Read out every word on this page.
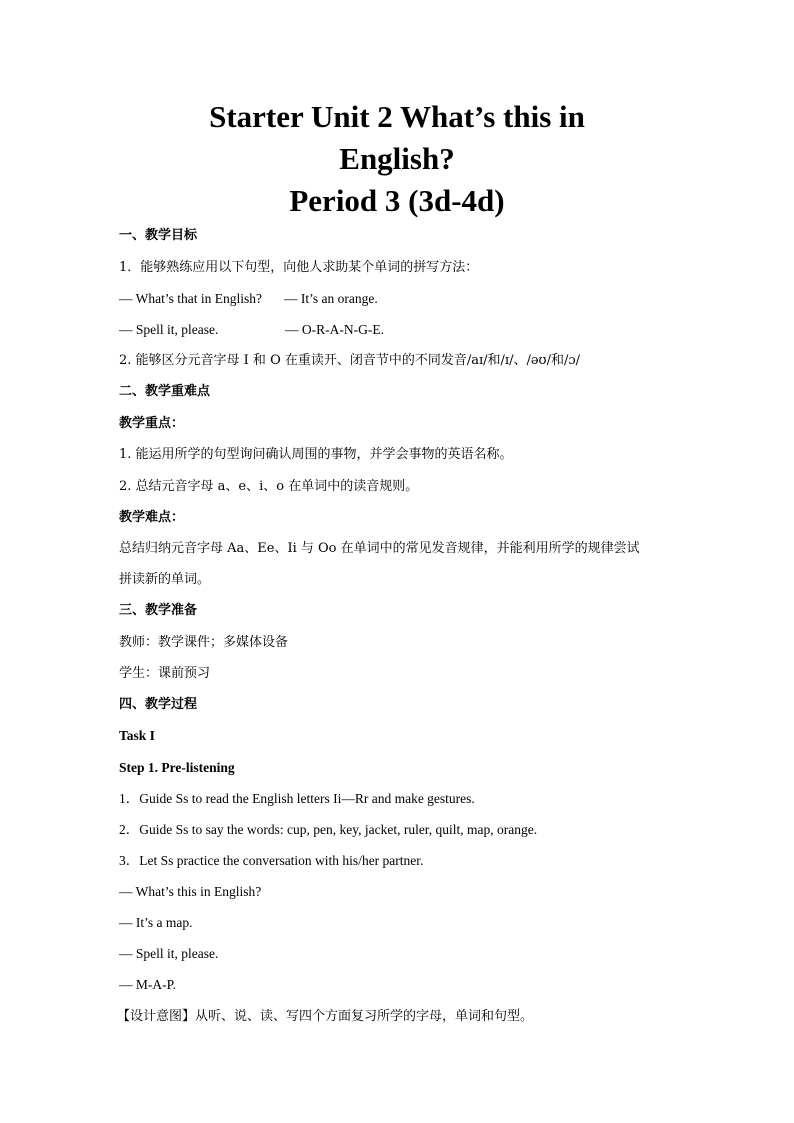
Starter Unit 2 What’s this in
English?
Period 3 (3d-4d)

一、教学目标

1．能够熟练应用以下句型，向他人求助某个单词的拼写方法：

— What’s that in English? — It’s an orange.

— Spell it, please.	— O-R-A-N-G-E.

2. 能够区分元音字母 I 和 O 在重读开、闭音节中的不同发音/aɪ/和/ɪ/、/əʊ/和/ɔ/

二、教学重难点

教学重点：

1. 能运用所学的句型询问确认周围的事物，并学会事物的英语名称。

2. 总结元音字母 a、e、i、o 在单词中的读音规则。

教学难点：

总结归纳元音字母 Aa、Ee、Ii 与 Oo 在单词中的常见发音规律，并能利用所学的规律尝试

拼读新的单词。

三、教学准备

教师：教学课件；多媒体设备

学生：课前预习

四、教学过程

Task I

Step 1. Pre-listening

1．Guide Ss to read the English letters Ii—Rr and make gestures.

2．Guide Ss to say the words: cup, pen, key, jacket, ruler, quilt, map, orange.

3．Let Ss practice the conversation with his/her partner.

— What’s this in English?

— It’s a map.

— Spell it, please.

— M-A-P.

【设计意图】从听、说、读、写四个方面复习所学的字母，单词和句型。
